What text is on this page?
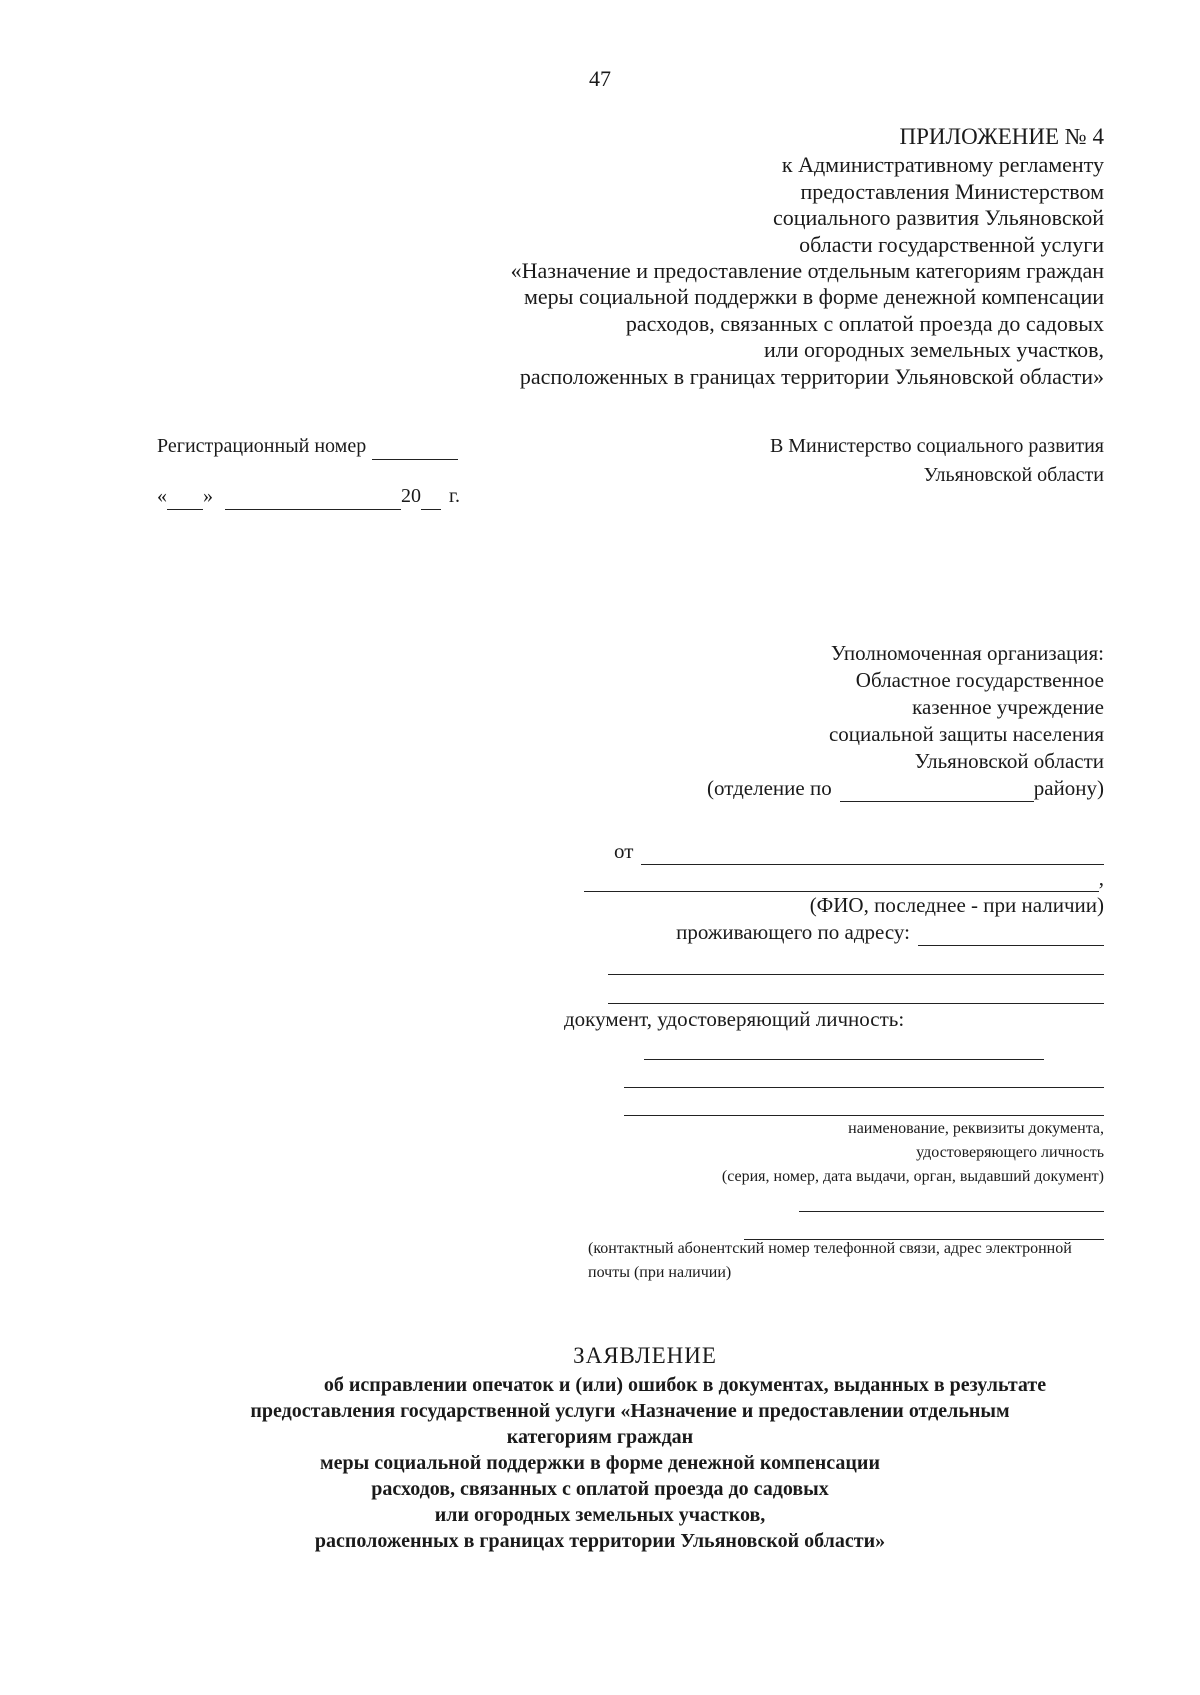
47
ПРИЛОЖЕНИЕ № 4
к Административному регламенту
предоставления Министерством
социального развития Ульяновской
области государственной услуги
«Назначение и предоставление отдельным категориям граждан
меры социальной поддержки в форме денежной компенсации
расходов, связанных с оплатой проезда до садовых
или огородных земельных участков,
расположенных в границах территории Ульяновской области»
Регистрационный номер
« »	20 г.
В Министерство социального развития
Ульяновской области
Уполномоченная организация:
Областное государственное
казенное учреждение
социальной защиты населения
Ульяновской области
(отделение по	району)
от
,
(ФИО, последнее - при наличии)
проживающего по адресу:
документ, удостоверяющий личность:
наименование, реквизиты документа,
удостоверяющего личность
(серия, номер, дата выдачи, орган, выдавший документ)
(контактный абонентский номер телефонной связи, адрес электронной почты (при наличии)
ЗАЯВЛЕНИЕ
об исправлении опечаток и (или) ошибок в документах, выданных в результате
предоставления государственной услуги «Назначение и предоставлении отдельным
категориям граждан
меры социальной поддержки в форме денежной компенсации
расходов, связанных с оплатой проезда до садовых
или огородных земельных участков,
расположенных в границах территории Ульяновской области»
